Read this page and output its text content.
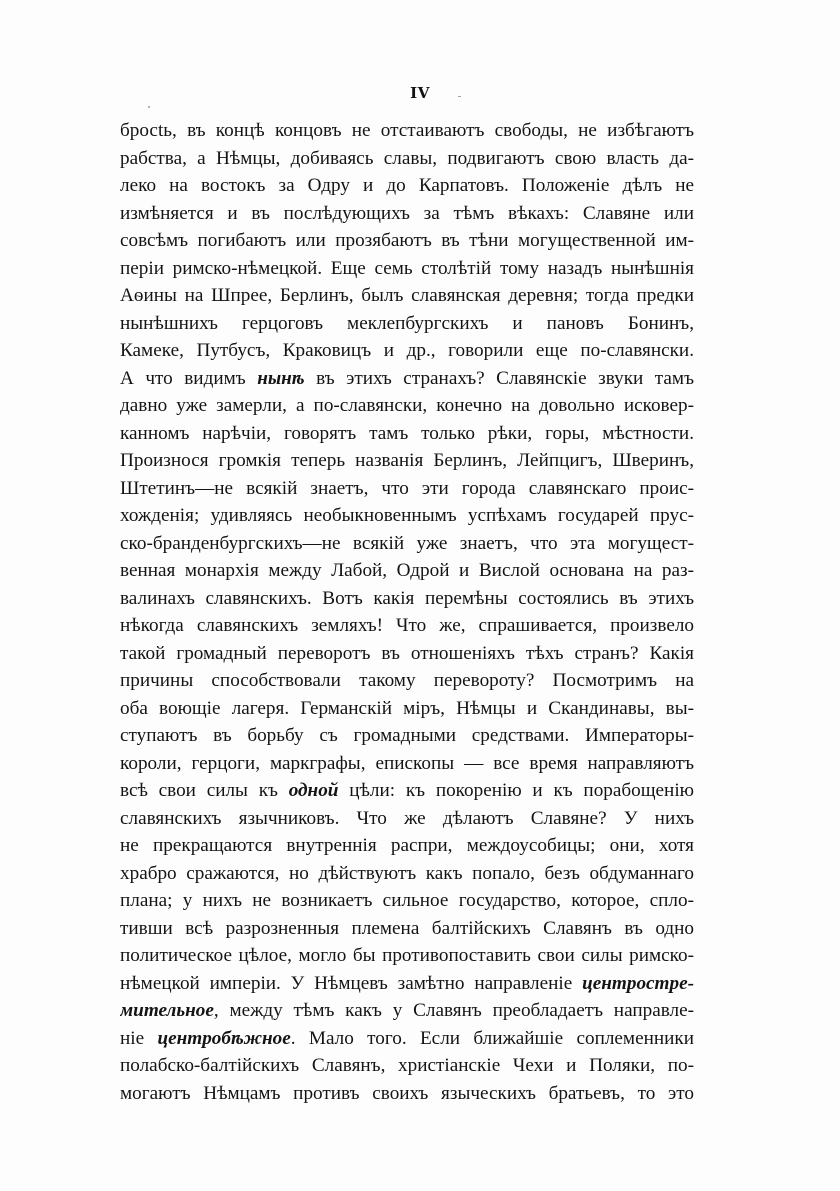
IV
бросtь, въ концѣ концовъ не отстаиваютъ свободы, не избѣгаютъ
рабства, а Нѣмцы, добиваясь славы, подвигаютъ свою власть да-
леко на востокъ за Одру и до Карпатовъ. Положеніе дѣлъ не
измѣняется и въ послѣдующихъ за тѣмъ вѣкахъ: Славяне или
совсѣмъ погибаютъ или прозябаютъ въ тѣни могущественной им-
періи римско-нѣмецкой. Еще семь столѣтій тому назадъ нынѣшнія
Аѳины на Шпрее, Берлинъ, былъ славянская деревня; тогда предки
нынѣшнихъ герцоговъ меклепбургскихъ и пановъ Бонинъ,
Камеке, Путбусъ, Краковицъ и др., говорили еще по-славянски.
А что видимъ нынѣ въ этихъ странахъ? Славянскіе звуки тамъ
давно уже замерли, а по-славянски, конечно на довольно исковер-
канномъ нарѣчіи, говорятъ тамъ только рѣки, горы, мѣстности.
Произнося громкія теперь названія Берлинъ, Лейпцигъ, Шверинъ,
Штетинъ—не всякій знаетъ, что эти города славянскаго проис-
хожденія; удивляясь необыкновеннымъ успѣхамъ государей прус-
ско-бранденбургскихъ—не всякій уже знаетъ, что эта могущест-
венная монархія между Лабой, Одрой и Вислой основана на раз-
валинахъ славянскихъ. Вотъ какія перемѣны состоялись въ этихъ
нѣкогда славянскихъ земляхъ! Что же, спрашивается, произвело
такой громадный переворотъ въ отношеніяхъ тѣхъ странъ? Какія
причины способствовали такому перевороту? Посмотримъ на
оба воющіе лагеря. Германскій міръ, Нѣмцы и Скандинавы, вы-
ступаютъ въ борьбу съ громадными средствами. Императоры-
короли, герцоги, маркграфы, епископы — все время направляютъ
всѣ свои силы къ одной цѣли: къ покоренію и къ порабощенію
славянскихъ язычниковъ. Что же дѣлаютъ Славяне? У нихъ
не прекращаются внутреннія распри, междоусобицы; они, хотя
храбро сражаются, но дѣйствуютъ какъ попало, безъ обдуманнаго
плана; у нихъ не возникаетъ сильное государство, которое, спло-
тивши всѣ разрозненныя племена балтійскихъ Славянъ въ одно
политическое цѣлое, могло бы противопоставить свои силы римско-
нѣмецкой имперіи. У Нѣмцевъ замѣтно направленіе центростре-
мительное, между тѣмъ какъ у Славянъ преобладаетъ направле-
ніе центробѣжное. Мало того. Если ближайшіе соплеменники
полабско-балтійскихъ Славянъ, христіанскіе Чехи и Поляки, по-
могаютъ Нѣмцамъ противъ своихъ языческихъ братьевъ, то это
